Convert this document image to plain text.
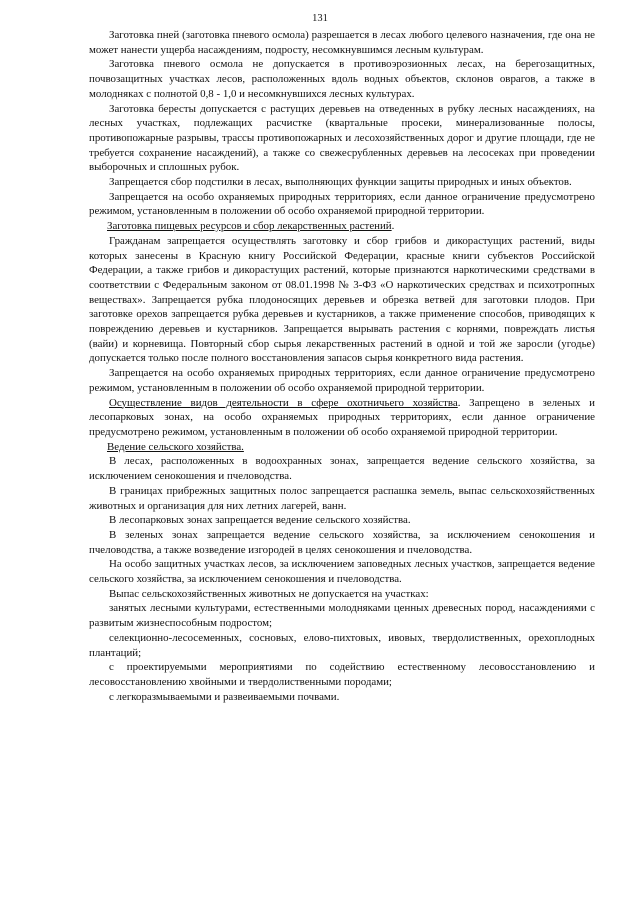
131

Заготовка пней (заготовка пневого осмола) разрешается в лесах любого целевого назначения, где она не может нанести ущерба насаждениям, подросту, несомкнувшимся лесным культурам.

Заготовка пневого осмола не допускается в противоэрозионных лесах, на берегозащитных, почвозащитных участках лесов, расположенных вдоль водных объектов, склонов оврагов, а также в молодняках с полнотой 0,8 - 1,0 и несомкнувшихся лесных культурах.

Заготовка бересты допускается с растущих деревьев на отведенных в рубку лесных насаждениях, на лесных участках, подлежащих расчистке (квартальные просеки, минерализованные полосы, противопожарные разрывы, трассы противопожарных и лесохозяйственных дорог и другие площади, где не требуется сохранение насаждений), а также со свежесрубленных деревьев на лесосеках при проведении выборочных и сплошных рубок.

Запрещается сбор подстилки в лесах, выполняющих функции защиты природных и иных объектов.

Запрещается на особо охраняемых природных территориях, если данное ограничение предусмотрено режимом, установленным в положении об особо охраняемой природной территории.

Заготовка пищевых ресурсов и сбор лекарственных растений.

Гражданам запрещается осуществлять заготовку и сбор грибов и дикорастущих растений, виды которых занесены в Красную книгу Российской Федерации, красные книги субъектов Российской Федерации, а также грибов и дикорастущих растений, которые признаются наркотическими средствами в соответствии с Федеральным законом от 08.01.1998 № 3-ФЗ «О наркотических средствах и психотропных веществах». Запрещается рубка плодоносящих деревьев и обрезка ветвей для заготовки плодов. При заготовке орехов запрещается рубка деревьев и кустарников, а также применение способов, приводящих к повреждению деревьев и кустарников. Запрещается вырывать растения с корнями, повреждать листья (вайи) и корневища. Повторный сбор сырья лекарственных растений в одной и той же заросли (угодье) допускается только после полного восстановления запасов сырья конкретного вида растения.

Запрещается на особо охраняемых природных территориях, если данное ограничение предусмотрено режимом, установленным в положении об особо охраняемой природной территории.

Осуществление видов деятельности в сфере охотничьего хозяйства. Запрещено в зеленых и лесопарковых зонах, на особо охраняемых природных территориях, если данное ограничение предусмотрено режимом, установленным в положении об особо охраняемой природной территории.

Ведение сельского хозяйства.

В лесах, расположенных в водоохранных зонах, запрещается ведение сельского хозяйства, за исключением сенокошения и пчеловодства.

В границах прибрежных защитных полос запрещается распашка земель, выпас сельскохозяйственных животных и организация для них летних лагерей, ванн.

В лесопарковых зонах запрещается ведение сельского хозяйства.

В зеленых зонах запрещается ведение сельского хозяйства, за исключением сенокошения и пчеловодства, а также возведение изгородей в целях сенокошения и пчеловодства.

На особо защитных участках лесов, за исключением заповедных лесных участков, запрещается ведение сельского хозяйства, за исключением сенокошения и пчеловодства.

Выпас сельскохозяйственных животных не допускается на участках:

занятых лесными культурами, естественными молодняками ценных древесных пород, насаждениями с развитым жизнеспособным подростом;

селекционно-лесосеменных, сосновых, елово-пихтовых, ивовых, твердолиственных, орехоплодных плантаций;

с проектируемыми мероприятиями по содействию естественному лесовосстановлению и лесовосстановлению хвойными и твердолиственными породами;

с легкоразмываемыми и развеиваемыми почвами.
